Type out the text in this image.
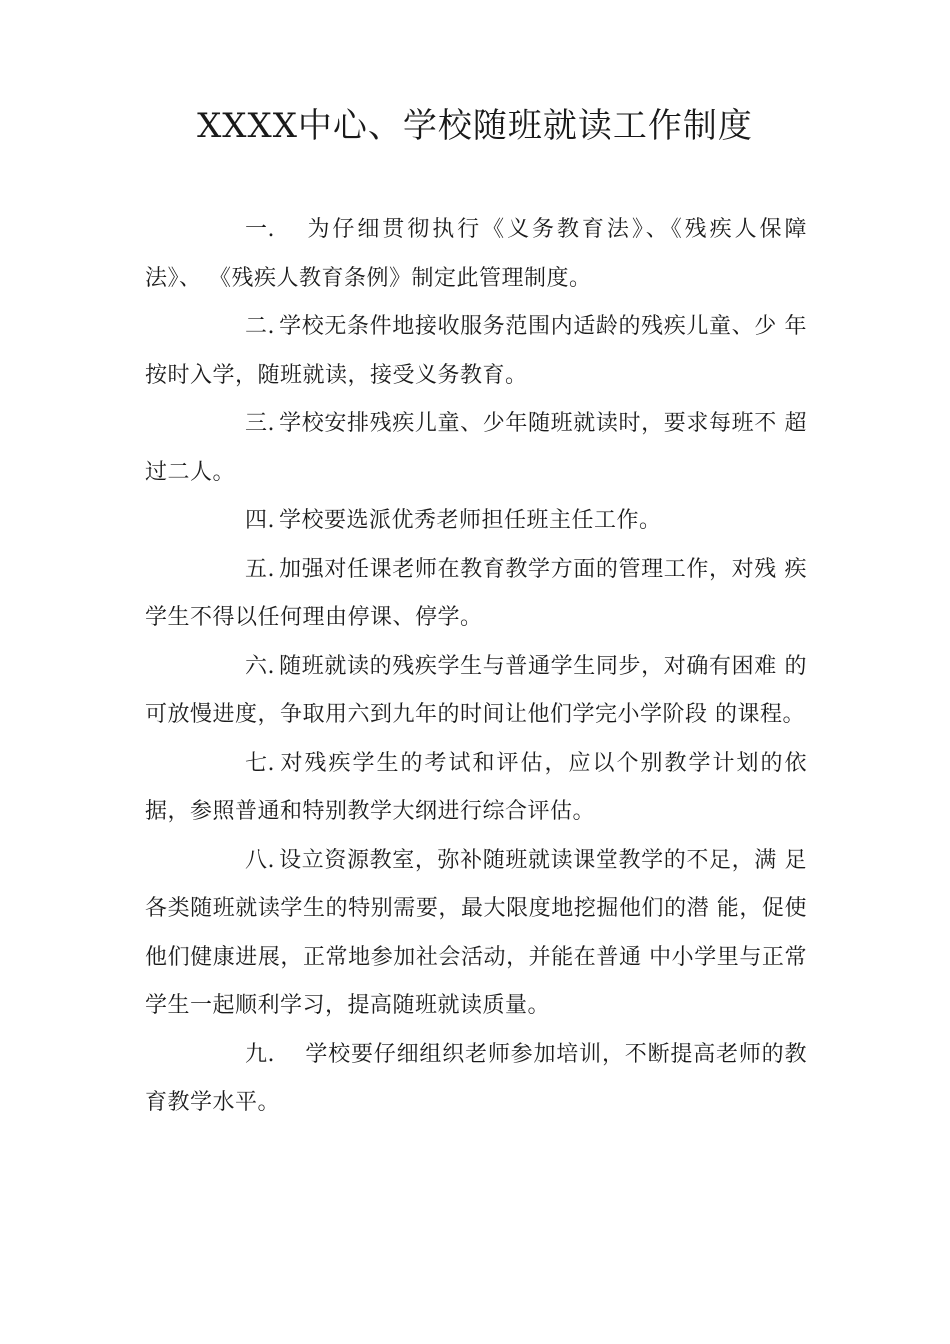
XXXX中心、学校随班就读工作制度

一. 为仔细贯彻执行《义务教育法》、《残疾人保障法》、 《残疾人教育条例》制定此管理制度。

二. 学校无条件地接收服务范围内适龄的残疾儿童、少 年按时入学，随班就读，接受义务教育。

三. 学校安排残疾儿童、少年随班就读时，要求每班不 超过二人。

四. 学校要选派优秀老师担任班主任工作。

五. 加强对任课老师在教育教学方面的管理工作，对残 疾学生不得以任何理由停课、停学。

六. 随班就读的残疾学生与普通学生同步，对确有困难 的可放慢进度，争取用六到九年的时间让他们学完小学阶段 的课程。

七. 对残疾学生的考试和评估，应以个别教学计划的依 据，参照普通和特别教学大纲进行综合评估。

八. 设立资源教室，弥补随班就读课堂教学的不足，满 足各类随班就读学生的特别需要，最大限度地挖掘他们的潜 能，促使他们健康进展，正常地参加社会活动，并能在普通 中小学里与正常学生一起顺利学习，提高随班就读质量。

九. 学校要仔细组织老师参加培训，不断提高老师的教育教学水平。
